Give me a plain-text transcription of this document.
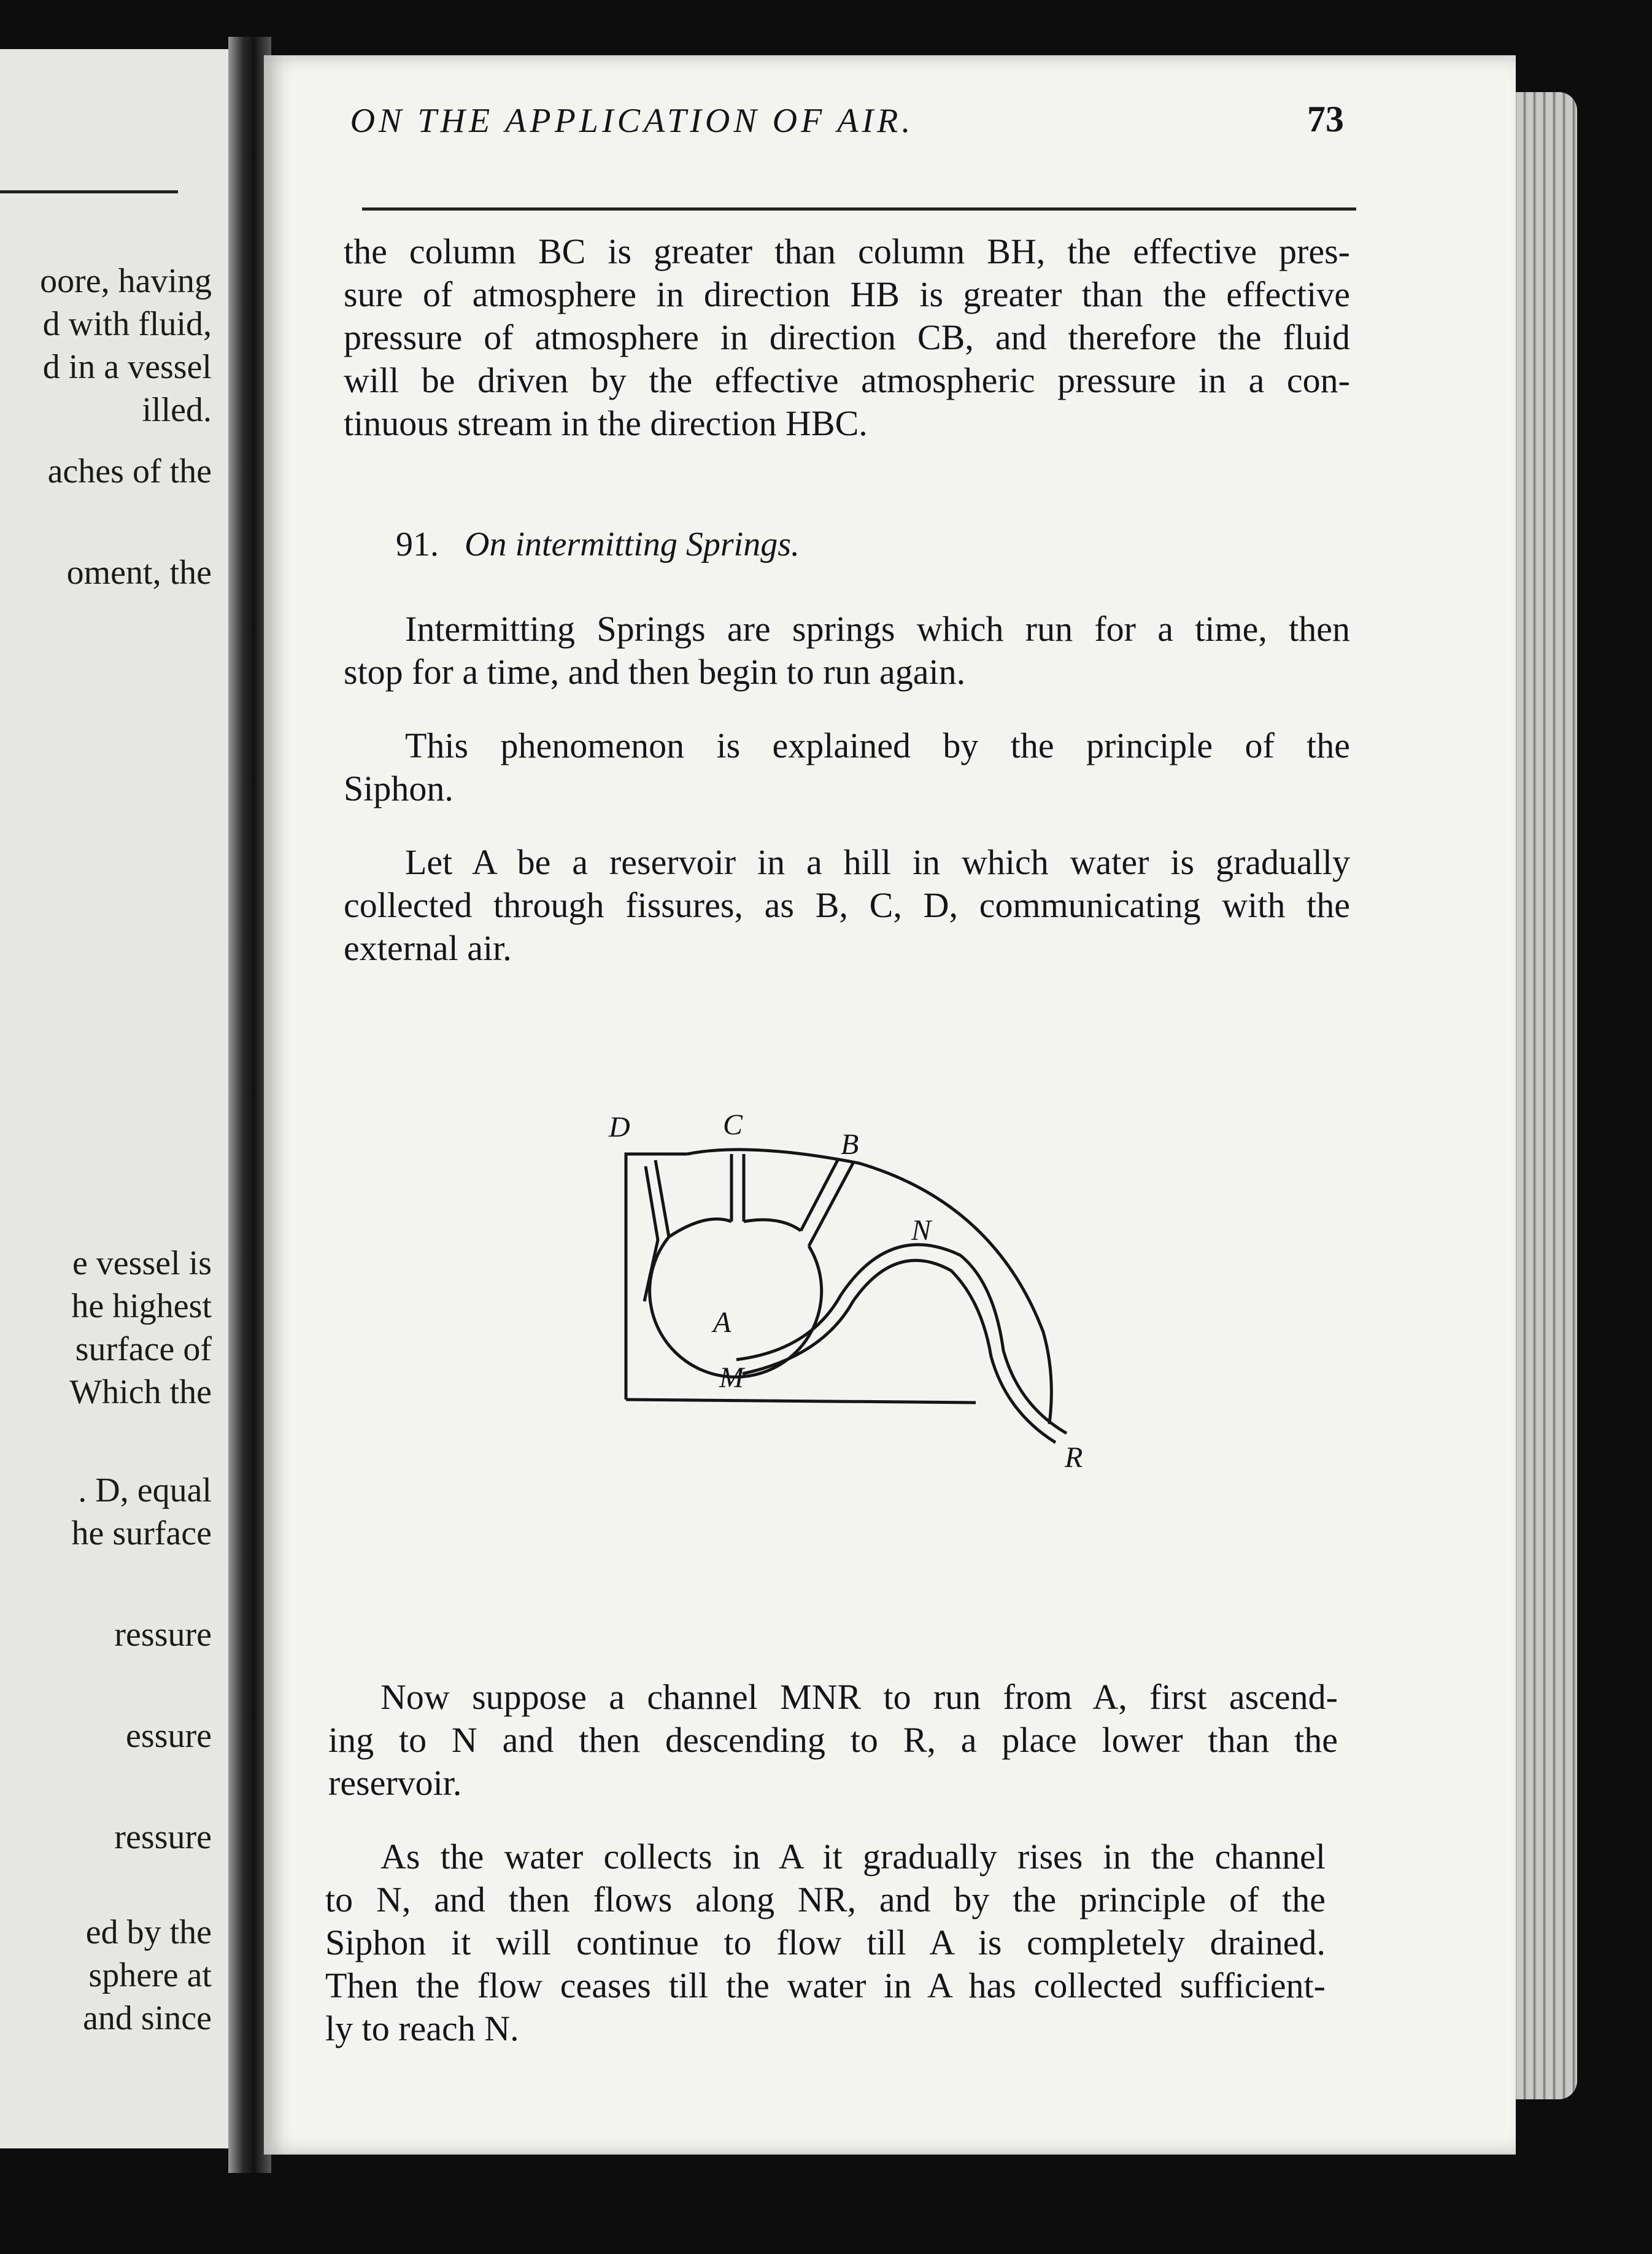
oore, having
d with fluid,
d in a vessel
illed.
aches of the
oment, the
e vessel is
he highest
surface of
Which the
. D, equal
he surface
ressure
essure
ressure
ed by the
sphere at
and since
ON THE APPLICATION OF AIR.	73
the column BC is greater than column BH, the effective pres-
sure of atmosphere in direction HB is greater than the effective
pressure of atmosphere in direction CB, and therefore the fluid
will be driven by the effective atmospheric pressure in a con-
tinuous stream in the direction HBC.
91. On intermitting Springs.
Intermitting Springs are springs which run for a time, then
stop for a time, and then begin to run again.
This phenomenon is explained by the principle of the
Siphon.
Let A be a reservoir in a hill in which water is gradually
collected through fissures, as B, C, D, communicating with the
external air.
D	C
B
A
N
M
R
Now suppose a channel MNR to run from A, first ascend-
ing to N and then descending to R, a place lower than the
reservoir.
As the water collects in A it gradually rises in the channel
to N, and then flows along NR, and by the principle of the
Siphon it will continue to flow till A is completely drained.
Then the flow ceases till the water in A has collected sufficient-
ly to reach N.
